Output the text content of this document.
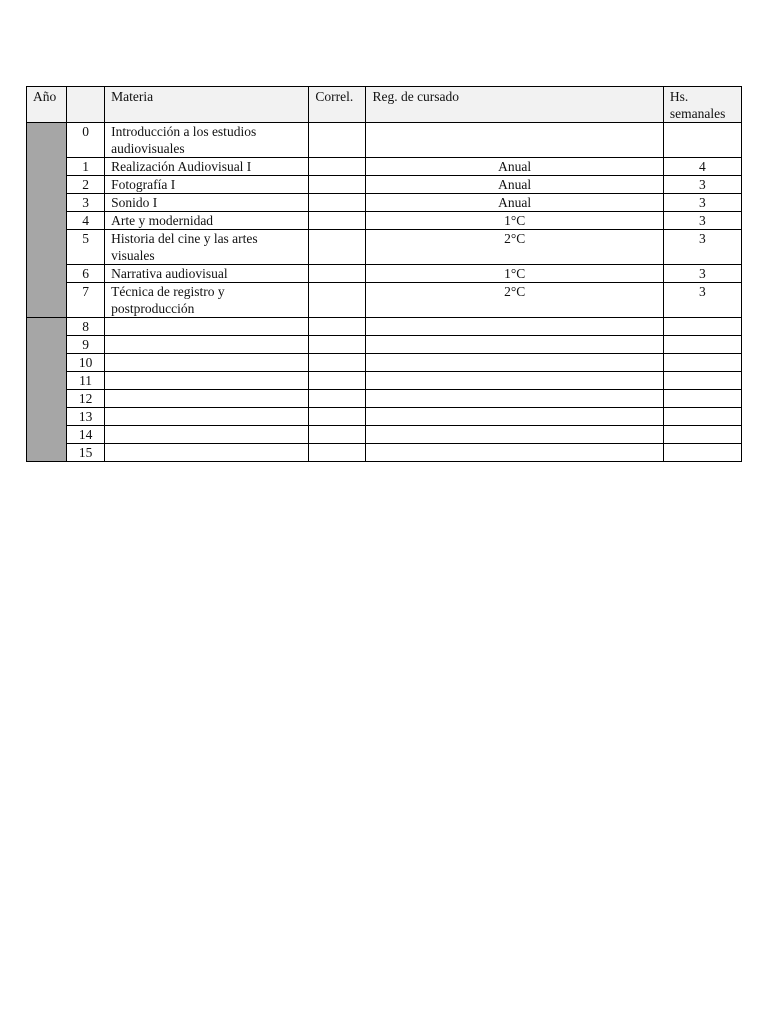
Año		Materia	Correl.	Reg. de cursado	Hs. semanales
	0	Introducción a los estudios audiovisuales			
	1	Realización Audiovisual I		Anual	4
	2	Fotografía I		Anual	3
	3	Sonido I		Anual	3
	4	Arte y modernidad		1°C	3
	5	Historia del cine y las artes visuales		2°C	3
	6	Narrativa audiovisual		1°C	3
	7	Técnica de registro y postproducción		2°C	3
	8				
	9				
	10				
	11				
	12				
	13				
	14				
	15				
